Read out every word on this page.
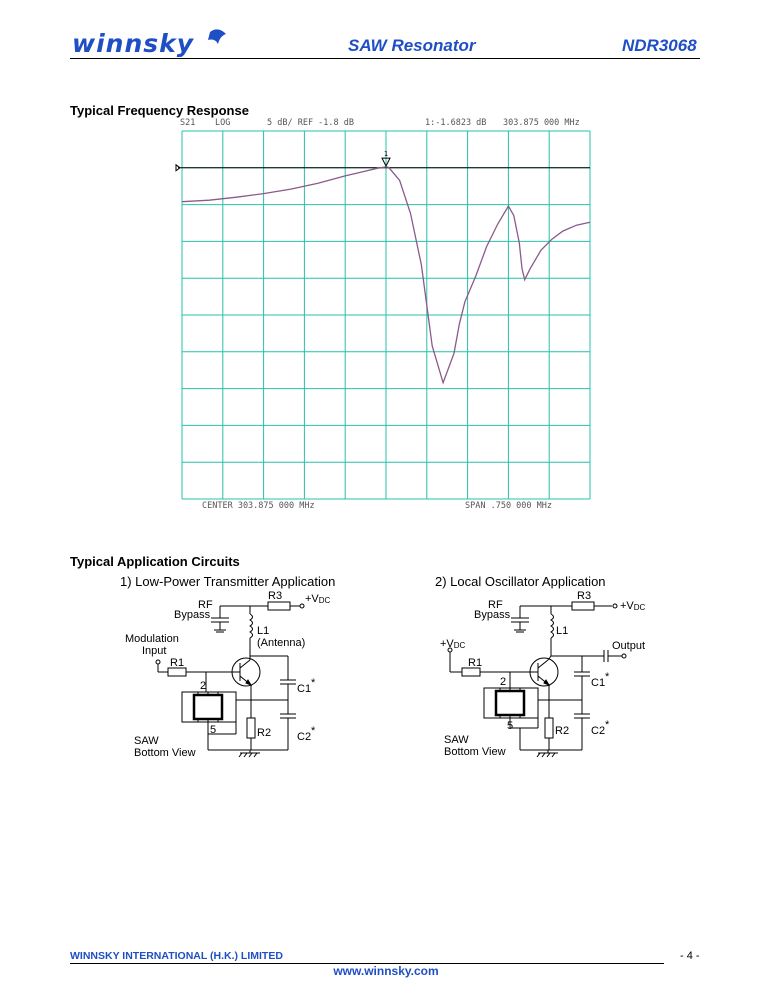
winnsky	SAW Resonator	NDR3068
Typical Frequency Response
S21 LOG	5 dB/ REF -1.8 dB	1:-1.6823 dB 303.875 000 MHz
CENTER 303.875 000 MHz	SPAN .750 000 MHz
1
Typical Application Circuits
1) Low-Power Transmitter Application	2) Local Oscillator Application
RF
Bypass
R3 +VDC
L1
(Antenna)
Modulation
Input
R1
2
5
C1 *
C2 *
R2
SAW
Bottom View
RF
Bypass
R3
+VDC
L1
Output
+VDC
R1
2
5
C1 *
C2 *
R2
SAW
Bottom View
WINNSKY INTERNATIONAL (H.K.) LIMITED	- 4 -
www.winnsky.com
